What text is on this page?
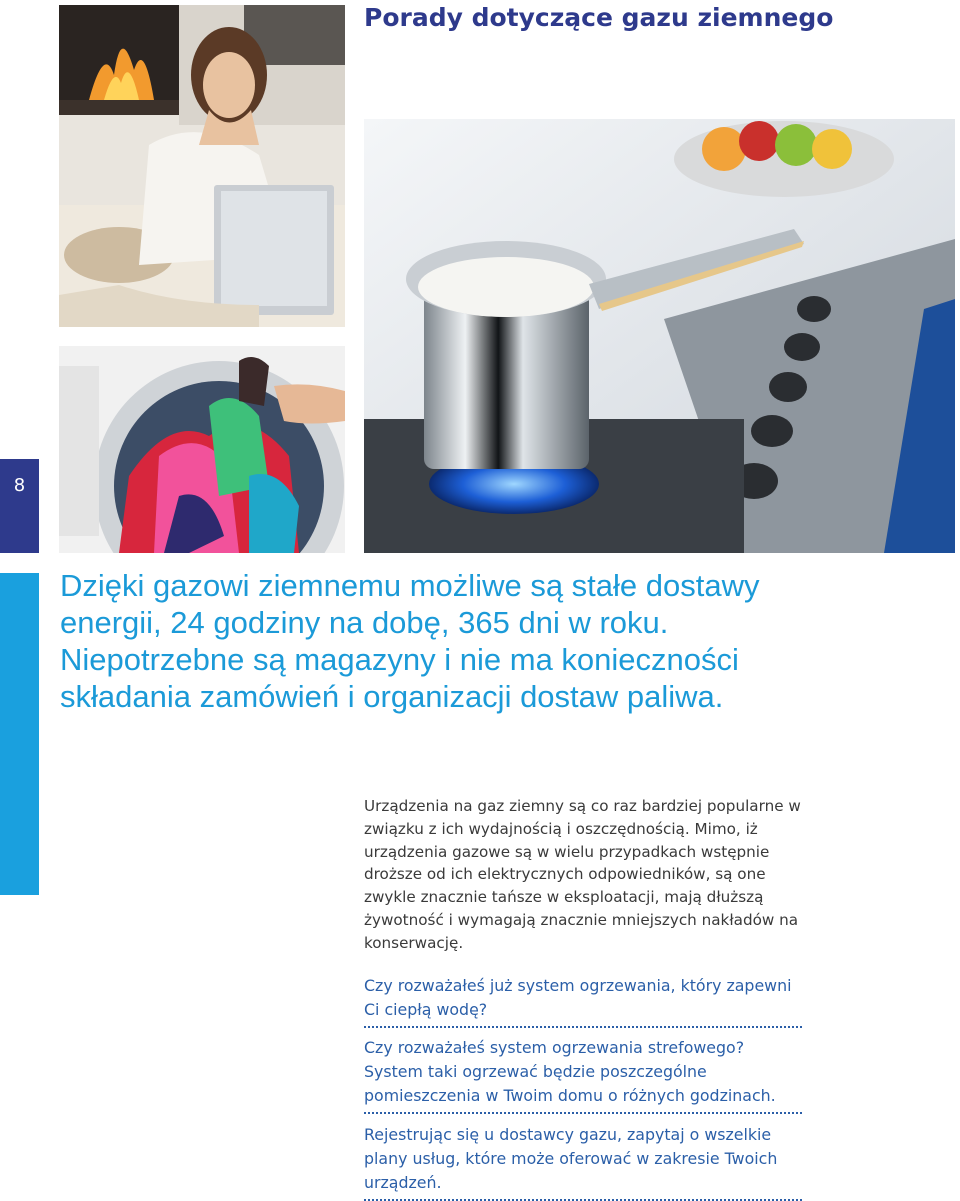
Porady dotyczące gazu ziemnego
8

Dzięki gazowi ziemnemu możliwe są stałe dostawy energii, 24 godziny na dobę, 365 dni w roku. Niepotrzebne są magazyny i nie ma konieczności składania zamówień i organizacji dostaw paliwa.

Urządzenia na gaz ziemny są co raz bardziej popularne w związku z ich wydajnością i oszczędnością. Mimo, iż urządzenia gazowe są w wielu przypadkach wstępnie droższe od ich elektrycznych odpowiedników, są one zwykle znacznie tańsze w eksploatacji, mają dłuższą żywotność i wymagają znacznie mniejszych nakładów na konserwację.

Czy rozważałeś już system ogrzewania, który zapewni Ci ciepłą wodę?

Czy rozważałeś system ogrzewania strefowego? System taki ogrzewać będzie poszczególne pomieszczenia w Twoim domu o różnych godzinach.

Rejestrując się u dostawcy gazu, zapytaj o wszelkie plany usług, które może oferować w zakresie Twoich urządzeń.
